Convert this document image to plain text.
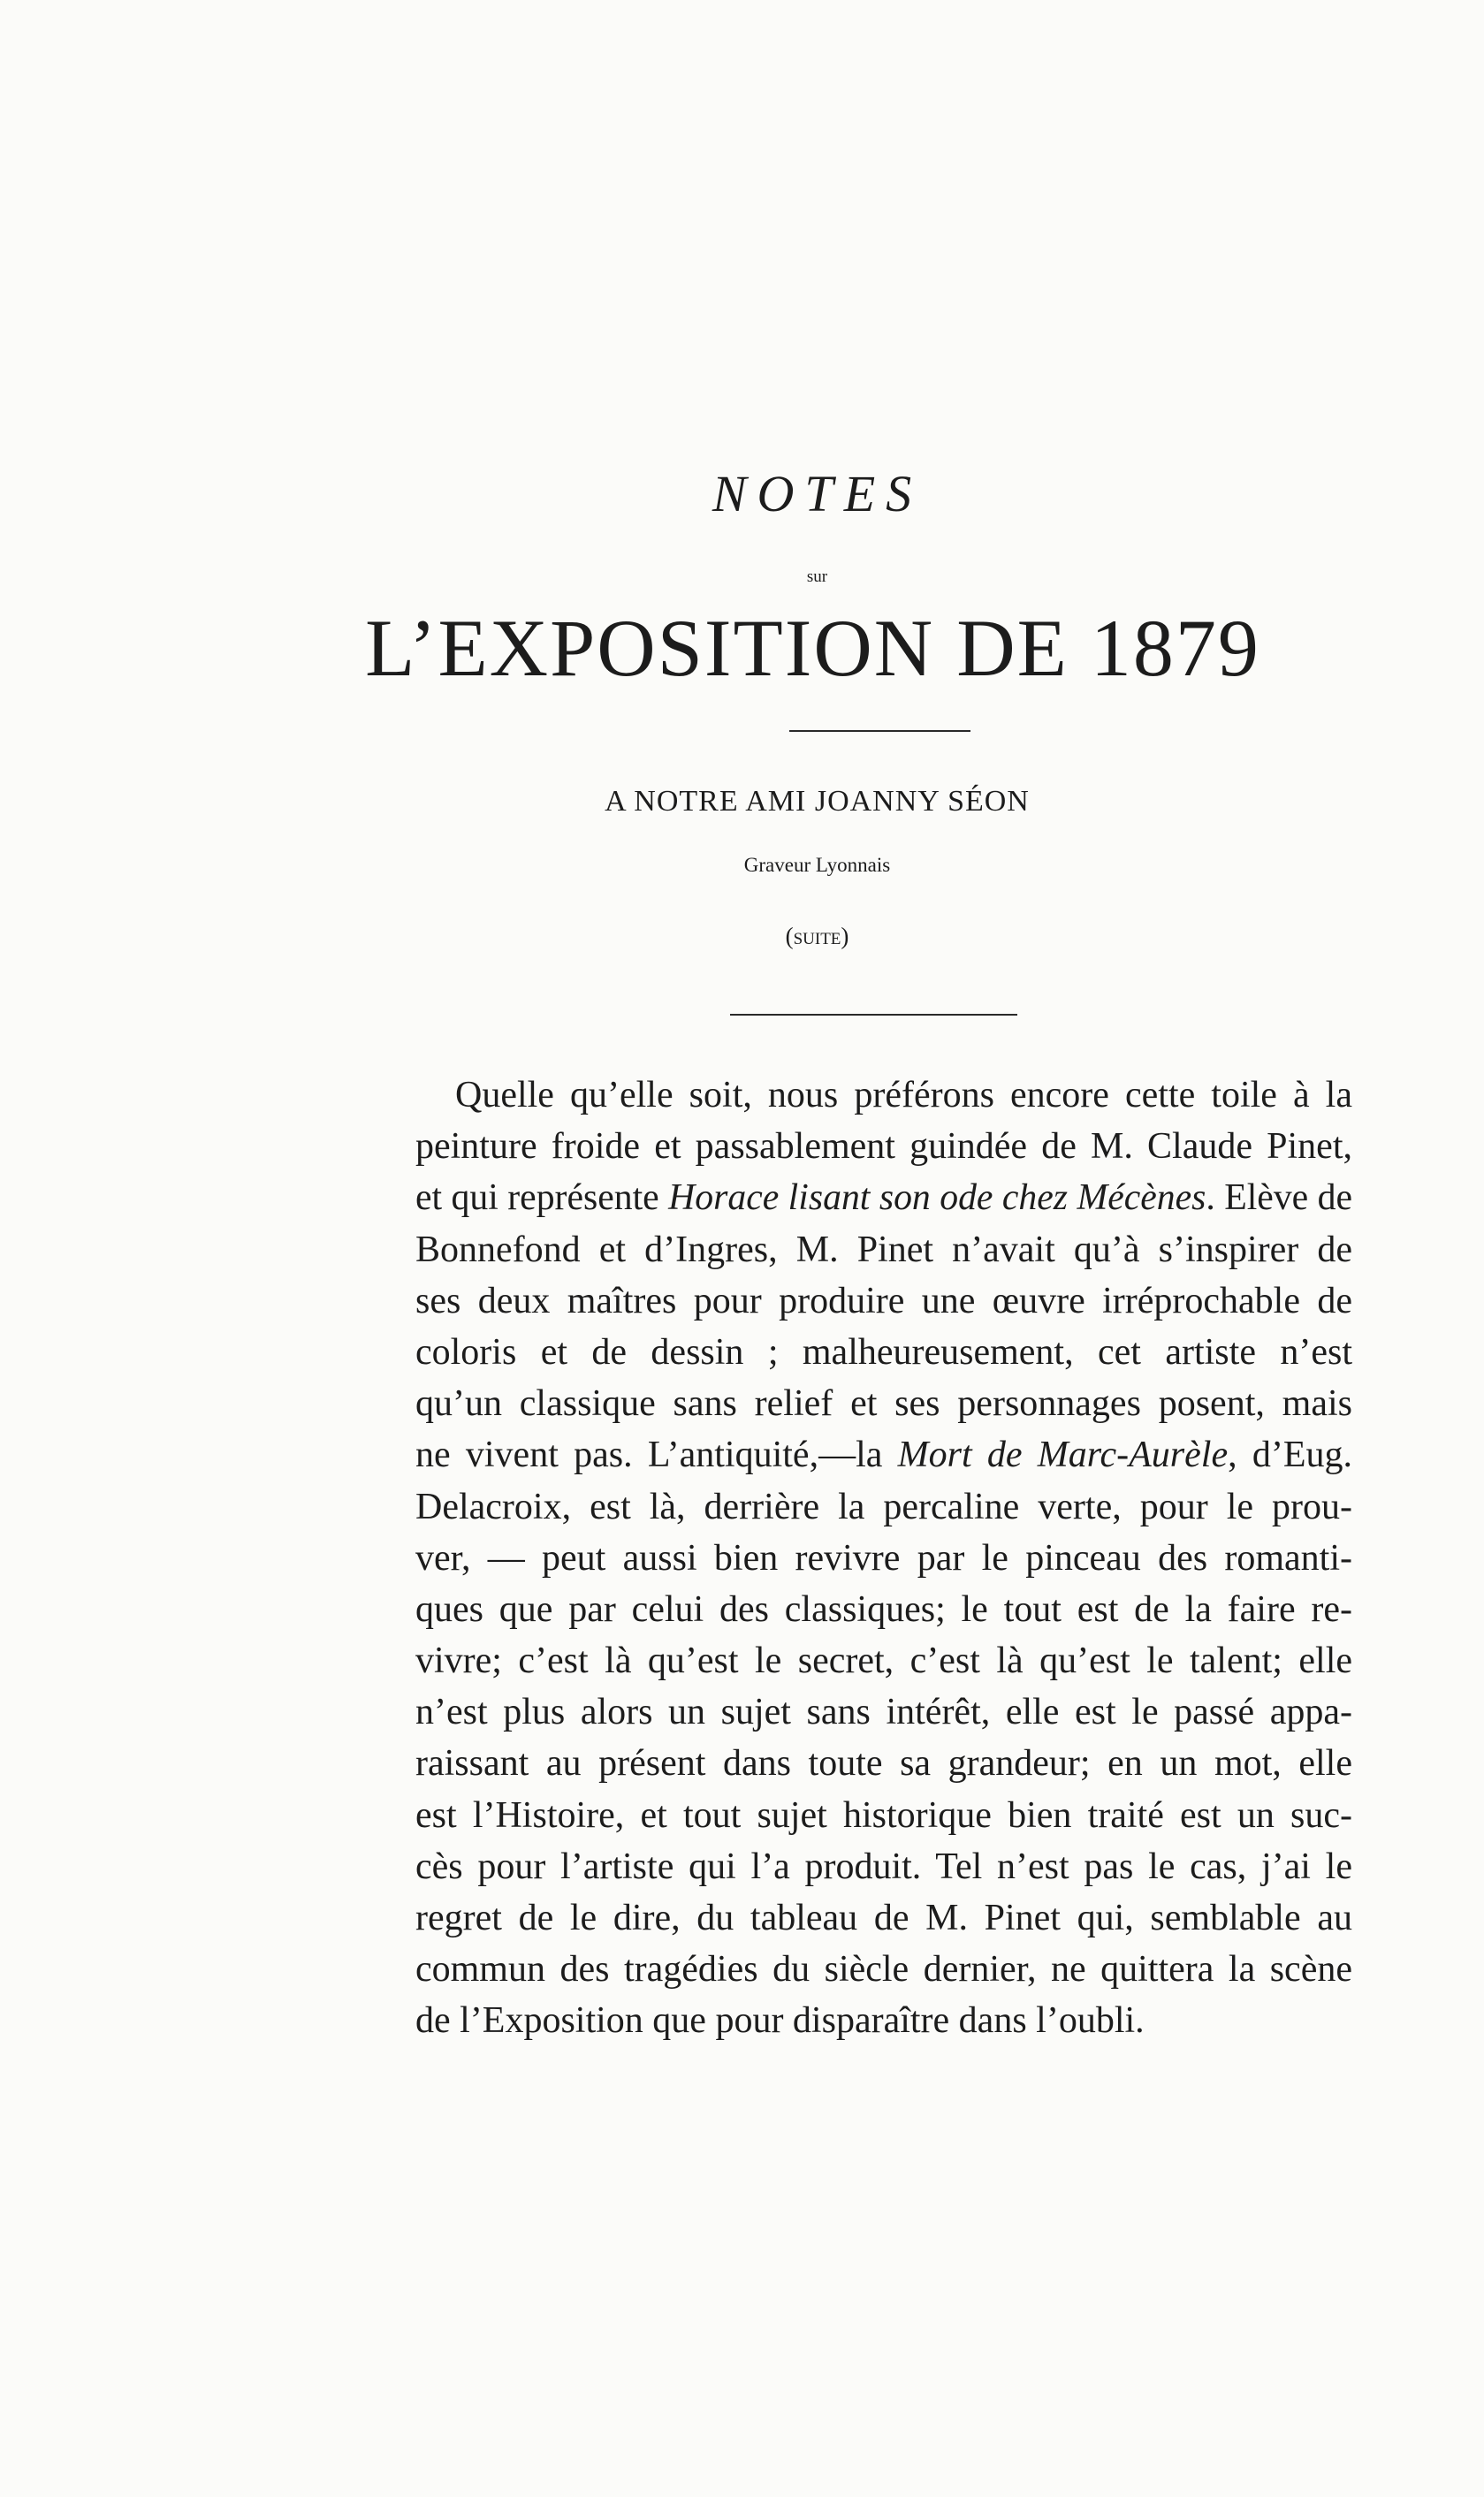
NOTES
sur
L’EXPOSITION DE 1879
A NOTRE AMI JOANNY SÉON
Graveur Lyonnais
(suite)
Quelle qu’elle soit, nous préférons encore cette toile à la
peinture froide et passablement guindée de M. Claude Pinet,
et qui représente Horace lisant son ode chez Mécènes. Elève de
Bonnefond et d’Ingres, M. Pinet n’avait qu’à s’inspirer de
ses deux maîtres pour produire une œuvre irréprochable de
coloris et de dessin ; malheureusement, cet artiste n’est
qu’un classique sans relief et ses personnages posent, mais
ne vivent pas. L’antiquité,—la Mort de Marc-Aurèle, d’Eug.
Delacroix, est là, derrière la percaline verte, pour le prou-
ver, — peut aussi bien revivre par le pinceau des romanti-
ques que par celui des classiques; le tout est de la faire re-
vivre; c’est là qu’est le secret, c’est là qu’est le talent; elle
n’est plus alors un sujet sans intérêt, elle est le passé appa-
raissant au présent dans toute sa grandeur; en un mot, elle
est l’Histoire, et tout sujet historique bien traité est un suc-
cès pour l’artiste qui l’a produit. Tel n’est pas le cas, j’ai le
regret de le dire, du tableau de M. Pinet qui, semblable au
commun des tragédies du siècle dernier, ne quittera la scène
de l’Exposition que pour disparaître dans l’oubli.
